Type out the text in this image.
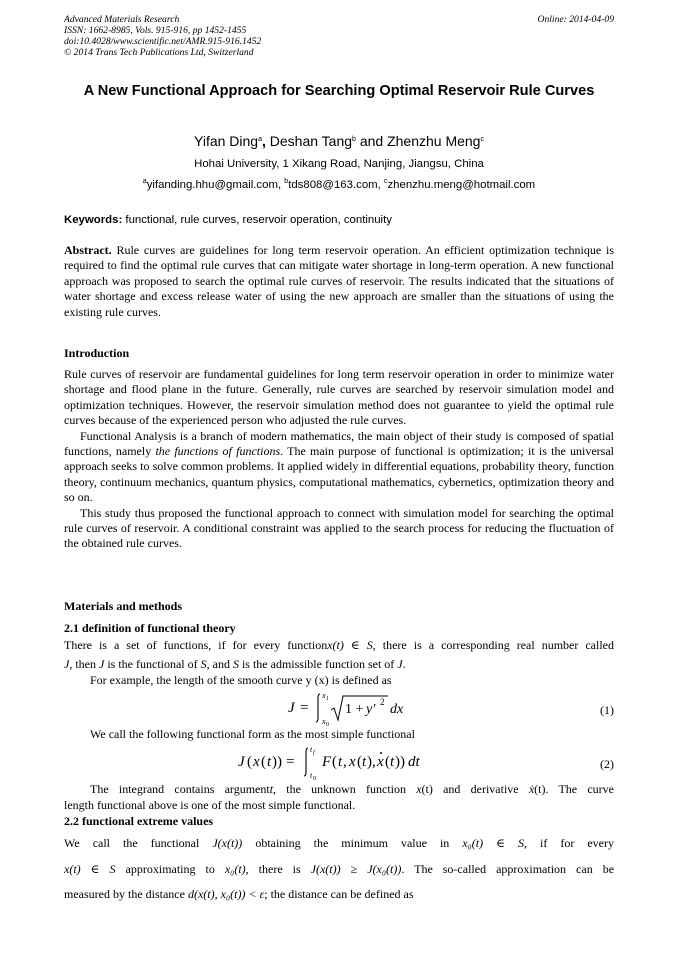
Advanced Materials Research
ISSN: 1662-8985, Vols. 915-916, pp 1452-1455
doi:10.4028/www.scientific.net/AMR.915-916.1452
© 2014 Trans Tech Publications Ltd, Switzerland
Online: 2014-04-09
A New Functional Approach for Searching Optimal Reservoir Rule Curves
Yifan Ding$^a$, Deshan Tang$^b$ and Zhenzhu Meng$^c$
Hohai University, 1 Xikang Road, Nanjing, Jiangsu, China
$^a$yifanding.hhu@gmail.com, $^b$tds808@163.com, $^c$zhenzhu.meng@hotmail.com
Keywords: functional, rule curves, reservoir operation, continuity
Abstract. Rule curves are guidelines for long term reservoir operation. An efficient optimization technique is required to find the optimal rule curves that can mitigate water shortage in long-term operation. A new functional approach was proposed to search the optimal rule curves of reservoir. The results indicated that the situations of water shortage and excess release water of using the new approach are smaller than the situations of using the existing rule curves.
Introduction
Rule curves of reservoir are fundamental guidelines for long term reservoir operation in order to minimize water shortage and flood plane in the future. Generally, rule curves are searched by reservoir simulation model and optimization techniques. However, the reservoir simulation method does not guarantee to yield the optimal rule curves because of the experienced person who adjusted the rule curves.
Functional Analysis is a branch of modern mathematics, the main object of their study is composed of spatial functions, namely the functions of functions. The main purpose of functional is optimization; it is the universal approach seeks to solve common problems. It applied widely in differential equations, probability theory, function theory, continuum mechanics, quantum physics, computational mathematics, cybernetics, optimization theory and so on.
This study thus proposed the functional approach to connect with simulation model for searching the optimal rule curves of reservoir. A conditional constraint was applied to the search process for reducing the fluctuation of the obtained rule curves.
Materials and methods
2.1 definition of functional theory
There is a set of functions, if for every functionx(t) ∈ S, there is a corresponding real number called
J, then J is the functional of S, and S is the admissible function set of J.
For example, the length of the smooth curve y (x) is defined as
J =
x 1
x 0
1 + y′ 2 dx	(1)
We call the following functional form as the most simple functional
J ( x ( t )) =
t f
t 0
F ( t , x ( t ), x ( t )) dt	(2)
The integrand contains argumentt, the unknown function x(t) and derivative ẋ(t). The curve
length functional above is one of the most simple functional.
2.2 functional extreme values
We call the functional J(x(t)) obtaining the minimum value in x₀(t) ∈ S, if for every
x(t) ∈ S approximating to x₀(t), there is J(x(t)) ≥ J(x₀(t)). The so-called approximation can be
measured by the distance d(x(t), x₀(t)) < ε; the distance can be defined as
